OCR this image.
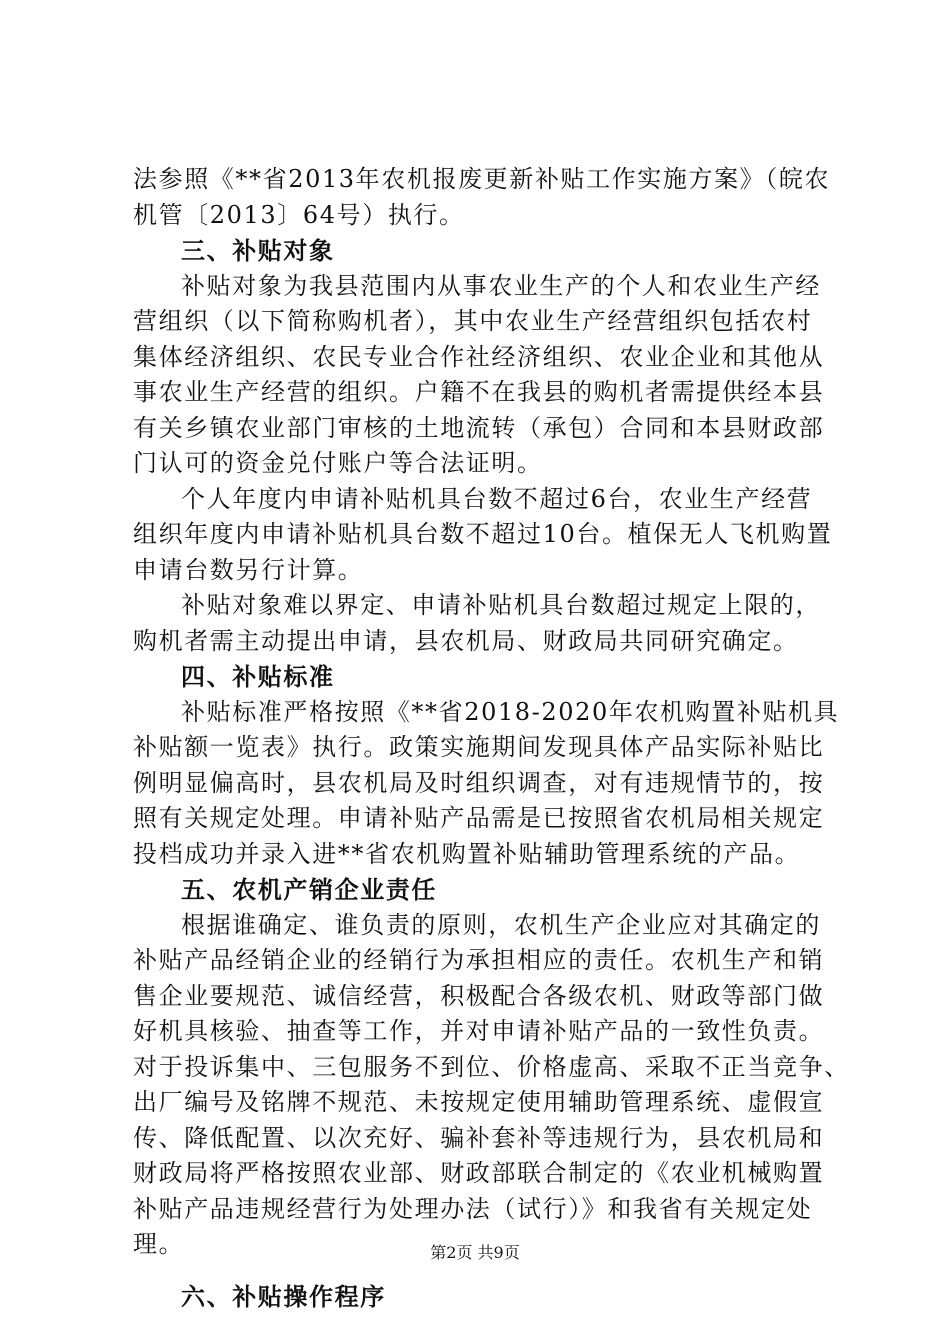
法参照《**省2013年农机报废更新补贴工作实施方案》（皖农
机管〔2013〕64号）执行。
三、补贴对象
补贴对象为我县范围内从事农业生产的个人和农业生产经
营组织（以下简称购机者），其中农业生产经营组织包括农村
集体经济组织、农民专业合作社经济组织、农业企业和其他从
事农业生产经营的组织。户籍不在我县的购机者需提供经本县
有关乡镇农业部门审核的土地流转（承包）合同和本县财政部
门认可的资金兑付账户等合法证明。
个人年度内申请补贴机具台数不超过6台，农业生产经营
组织年度内申请补贴机具台数不超过10台。植保无人飞机购置
申请台数另行计算。
补贴对象难以界定、申请补贴机具台数超过规定上限的，
购机者需主动提出申请，县农机局、财政局共同研究确定。
四、补贴标准
补贴标准严格按照《**省2018-2020年农机购置补贴机具
补贴额一览表》执行。政策实施期间发现具体产品实际补贴比
例明显偏高时，县农机局及时组织调查，对有违规情节的，按
照有关规定处理。申请补贴产品需是已按照省农机局相关规定
投档成功并录入进**省农机购置补贴辅助管理系统的产品。
五、农机产销企业责任
根据谁确定、谁负责的原则，农机生产企业应对其确定的
补贴产品经销企业的经销行为承担相应的责任。农机生产和销
售企业要规范、诚信经营，积极配合各级农机、财政等部门做
好机具核验、抽查等工作，并对申请补贴产品的一致性负责。
对于投诉集中、三包服务不到位、价格虚高、采取不正当竞争、
出厂编号及铭牌不规范、未按规定使用辅助管理系统、虚假宣
传、降低配置、以次充好、骗补套补等违规行为，县农机局和
财政局将严格按照农业部、财政部联合制定的《农业机械购置
补贴产品违规经营行为处理办法（试行）》和我省有关规定处
理。
六、补贴操作程序
第2页 共9页
